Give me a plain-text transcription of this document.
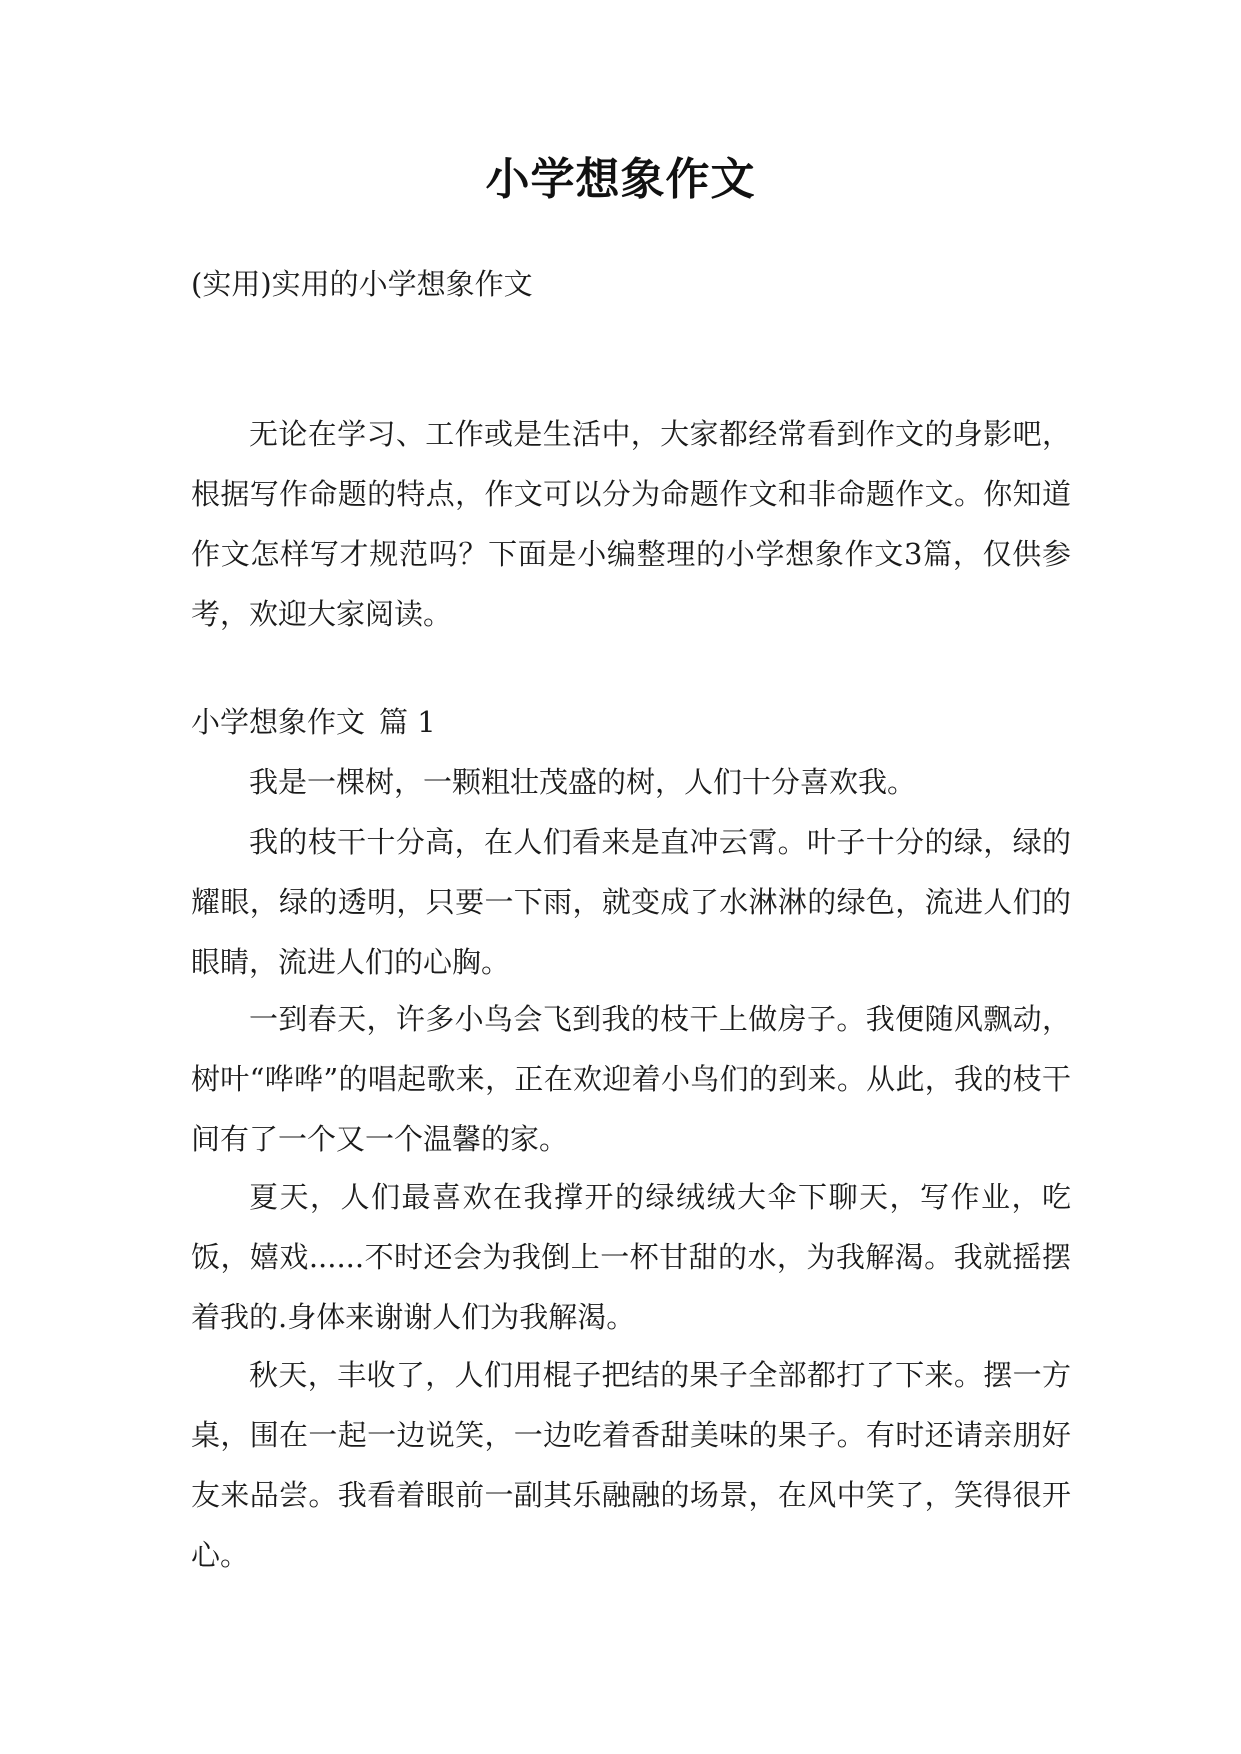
小学想象作文
(实用)实用的小学想象作文

无论在学习、工作或是生活中，大家都经常看到作文的身影吧，根据写作命题的特点，作文可以分为命题作文和非命题作文。你知道作文怎样写才规范吗？下面是小编整理的小学想象作文3篇，仅供参考，欢迎大家阅读。

小学想象作文 篇 1

我是一棵树，一颗粗壮茂盛的树，人们十分喜欢我。

我的枝干十分高，在人们看来是直冲云霄。叶子十分的绿，绿的耀眼，绿的透明，只要一下雨，就变成了水淋淋的绿色，流进人们的眼睛，流进人们的心胸。

一到春天，许多小鸟会飞到我的枝干上做房子。我便随风飘动，树叶“哗哗”的唱起歌来，正在欢迎着小鸟们的到来。从此，我的枝干间有了一个又一个温馨的家。

夏天，人们最喜欢在我撑开的绿绒绒大伞下聊天，写作业，吃饭，嬉戏......不时还会为我倒上一杯甘甜的水，为我解渴。我就摇摆着我的.身体来谢谢人们为我解渴。

秋天，丰收了，人们用棍子把结的果子全部都打了下来。摆一方桌，围在一起一边说笑，一边吃着香甜美味的果子。有时还请亲朋好友来品尝。我看着眼前一副其乐融融的场景，在风中笑了，笑得很开心。
